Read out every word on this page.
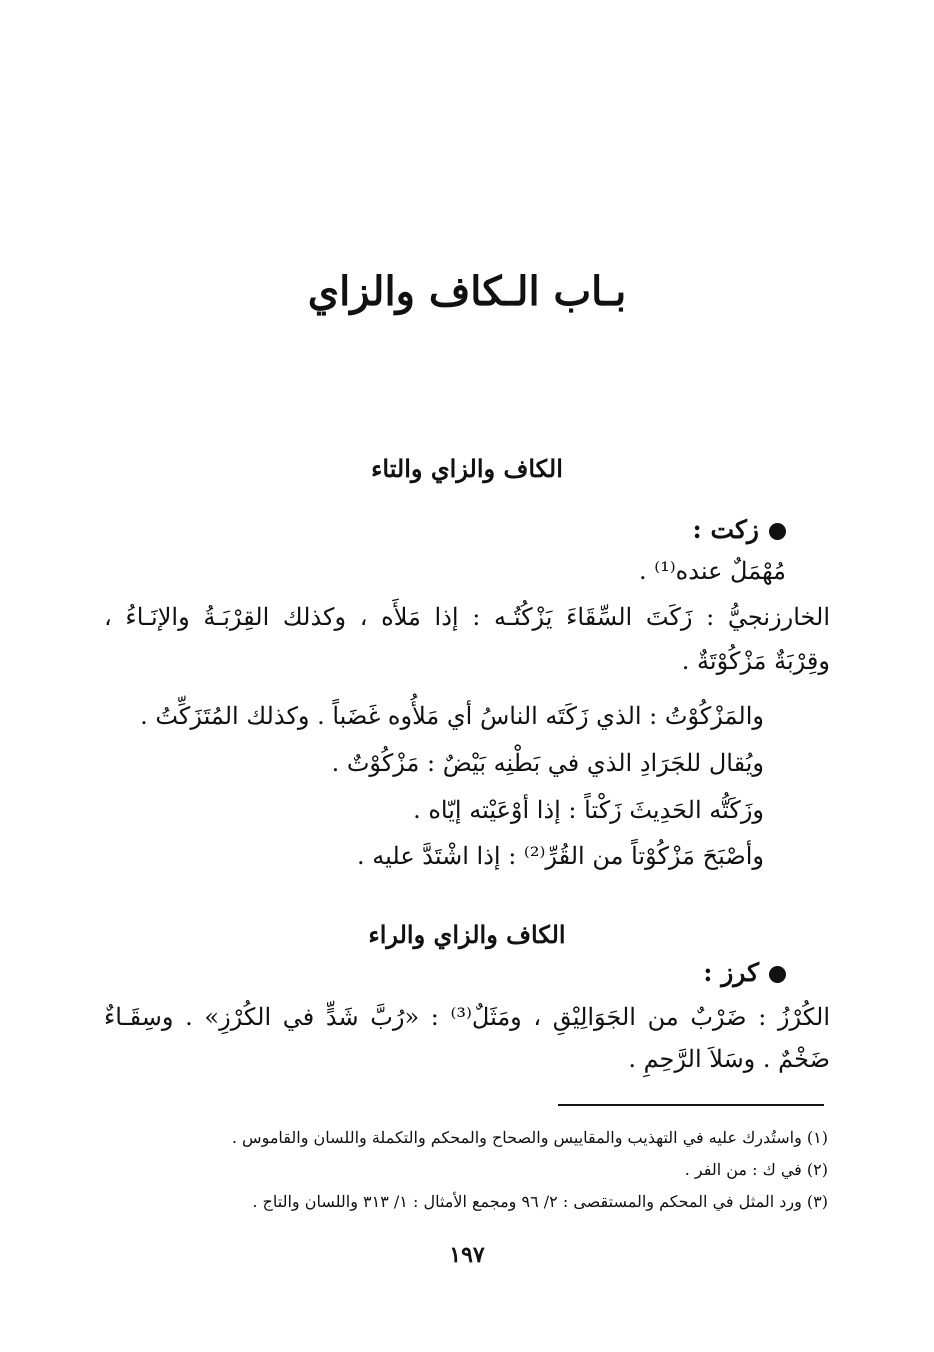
بـاب الـكاف والزاي
الكاف والزاي والتاء
زكت :

مُهْمَلٌ عنده⁽¹⁾ .

الخارزنجيُّ : زَكَتَ السِّقَاءَ يَزْكُتُـه : إذا مَلأَه ، وكذلك القِرْبَـةُ والإنَـاءُ ،

وقِرْبَةٌ مَزْكُوْتَةٌ .

والمَزْكُوْتُ : الذي زَكَتَه الناسُ أي مَلأُوه غَضَباً . وكذلك المُتَزَكِّتُ .

ويُقال للجَرَادِ الذي في بَطْنِه بَيْضٌ : مَزْكُوْتٌ .

وزَكَتُّه الحَدِيثَ زَكْتاً : إذا أوْعَيْته إيّاه .

وأصْبَحَ مَزْكُوْتاً من القُرِّ⁽²⁾ : إذا اشْتَدَّ عليه .

الكاف والزاي والراء
كرز :

الكُرْزُ : ضَرْبٌ من الجَوَالِيْقِ ، ومَثَلٌ⁽³⁾ : «رُبَّ شَدٍّ في الكُرْزِ» . وسِقَـاءٌ

ضَخْمٌ . وسَلاَ الرَّحِمِ .

(١) واستُدرك عليه في التهذيب والمقاييس والصحاح والمحكم والتكملة واللسان والقاموس .

(٢) في ك : من الفر .

(٣) ورد المثل في المحكم والمستقصى : ٢/ ٩٦ ومجمع الأمثال : ١/ ٣١٣ واللسان والتاج .

١٩٧
